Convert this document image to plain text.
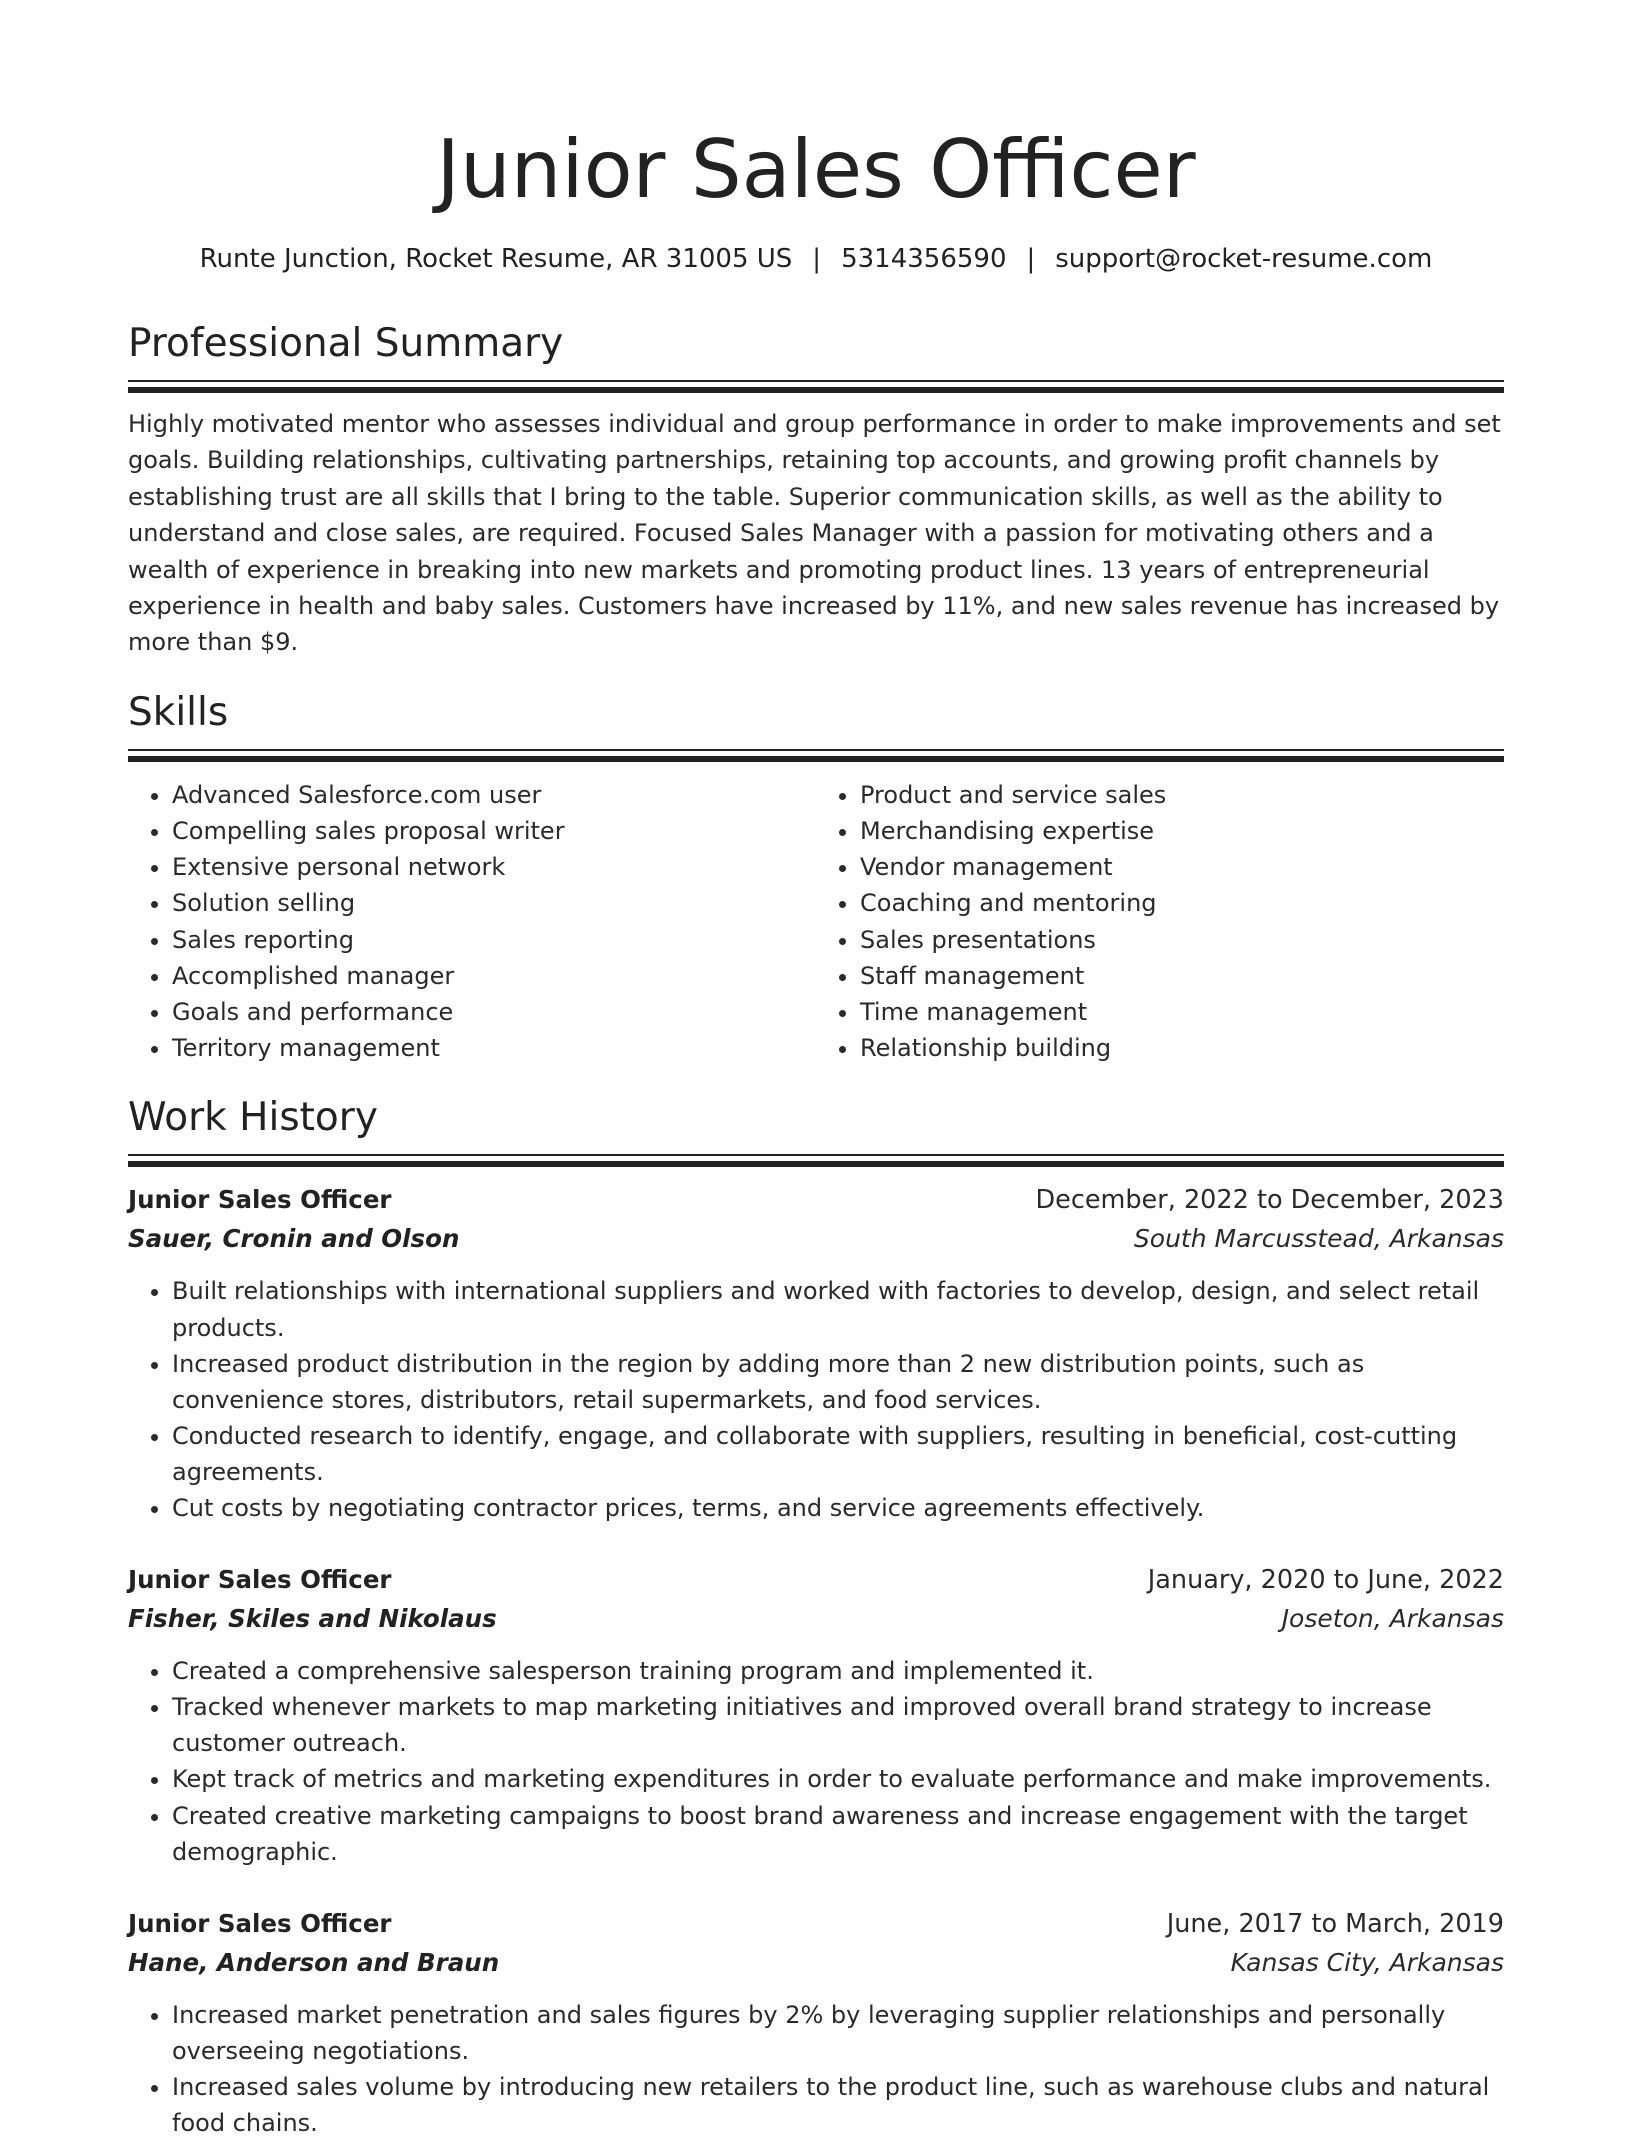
Junior Sales Officer
Runte Junction, Rocket Resume, AR 31005 US | 5314356590 | support@rocket-resume.com
Professional Summary

Highly motivated mentor who assesses individual and group performance in order to make improvements and set goals. Building relationships, cultivating partnerships, retaining top accounts, and growing profit channels by establishing trust are all skills that I bring to the table. Superior communication skills, as well as the ability to understand and close sales, are required. Focused Sales Manager with a passion for motivating others and a wealth of experience in breaking into new markets and promoting product lines. 13 years of entrepreneurial experience in health and baby sales. Customers have increased by 11%, and new sales revenue has increased by more than $9.

Skills
• Advanced Salesforce.com user
• Compelling sales proposal writer
• Extensive personal network
• Solution selling
• Sales reporting
• Accomplished manager
• Goals and performance
• Territory management
• Product and service sales
• Merchandising expertise
• Vendor management
• Coaching and mentoring
• Sales presentations
• Staff management
• Time management
• Relationship building
Work History
Junior Sales Officer	December, 2022 to December, 2023
Sauer, Cronin and Olson	South Marcusstead, Arkansas
• Built relationships with international suppliers and worked with factories to develop, design, and select retail products.
• Increased product distribution in the region by adding more than 2 new distribution points, such as convenience stores, distributors, retail supermarkets, and food services.
• Conducted research to identify, engage, and collaborate with suppliers, resulting in beneficial, cost-cutting agreements.
• Cut costs by negotiating contractor prices, terms, and service agreements effectively.
Junior Sales Officer	January, 2020 to June, 2022
Fisher, Skiles and Nikolaus	Joseton, Arkansas
• Created a comprehensive salesperson training program and implemented it.
• Tracked whenever markets to map marketing initiatives and improved overall brand strategy to increase customer outreach.
• Kept track of metrics and marketing expenditures in order to evaluate performance and make improvements.
• Created creative marketing campaigns to boost brand awareness and increase engagement with the target demographic.
Junior Sales Officer	June, 2017 to March, 2019
Hane, Anderson and Braun	Kansas City, Arkansas
• Increased market penetration and sales figures by 2% by leveraging supplier relationships and personally overseeing negotiations.
• Increased sales volume by introducing new retailers to the product line, such as warehouse clubs and natural food chains.
